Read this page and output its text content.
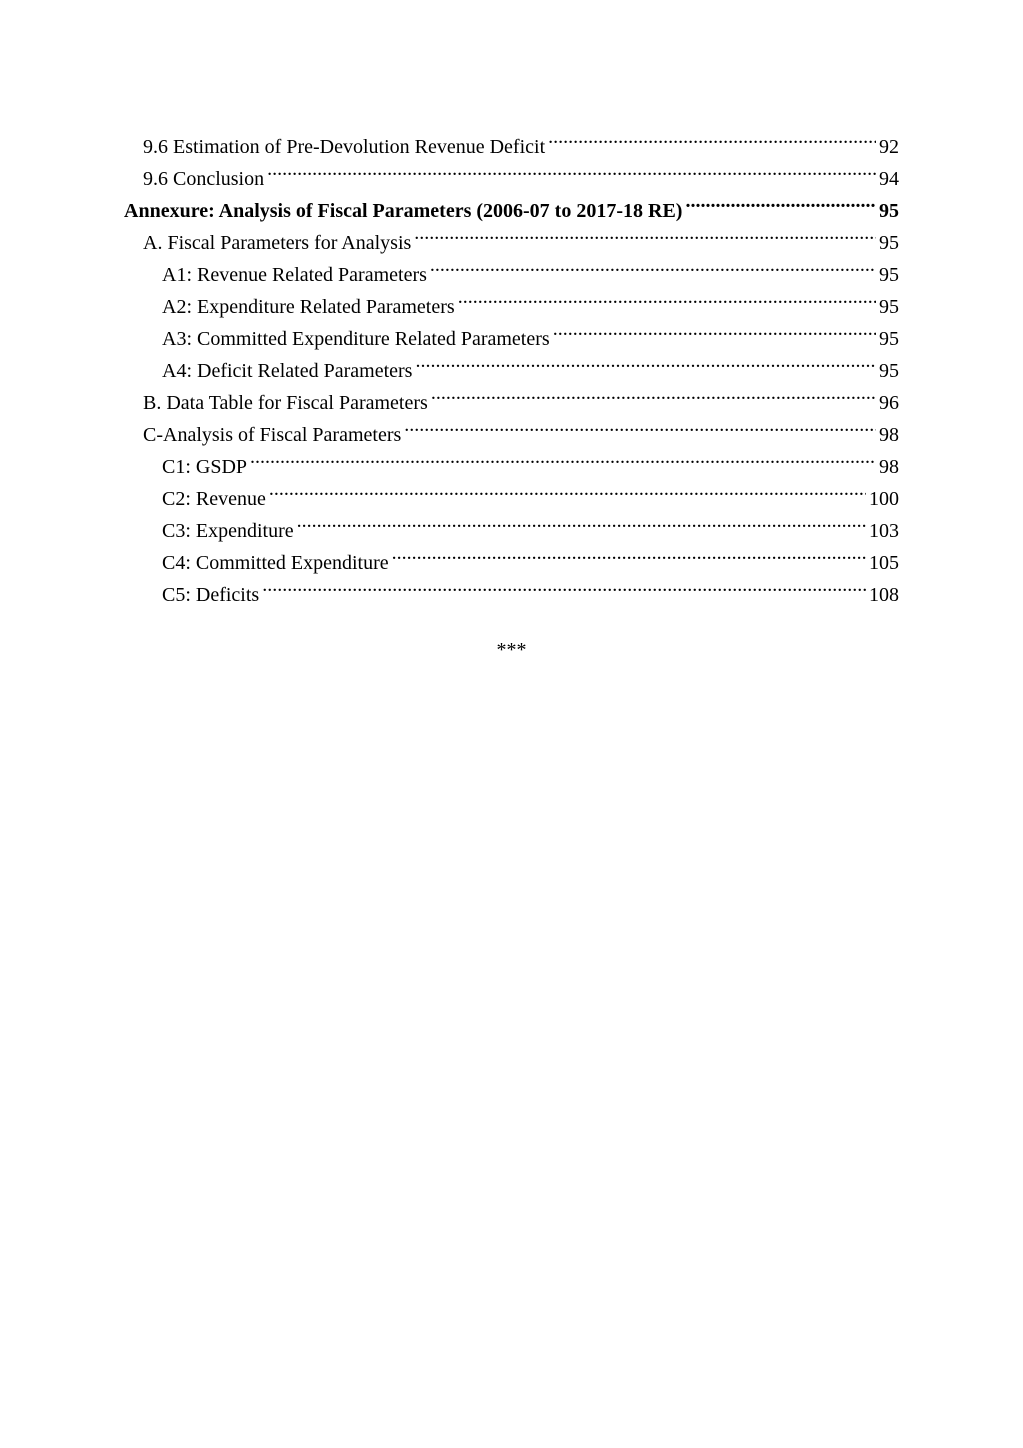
9.6 Estimation of Pre-Devolution Revenue Deficit .....	92
9.6 Conclusion .....	94
Annexure: Analysis of Fiscal Parameters (2006-07 to 2017-18 RE) .....	95
A. Fiscal Parameters for Analysis .....	95
A1: Revenue Related Parameters .....	95
A2: Expenditure Related Parameters .....	95
A3: Committed Expenditure Related Parameters .....	95
A4: Deficit Related Parameters .....	95
B. Data Table for Fiscal Parameters .....	96
C-Analysis of Fiscal Parameters .....	98
C1: GSDP .....	98
C2: Revenue .....	100
C3: Expenditure .....	103
C4: Committed Expenditure .....	105
C5: Deficits .....	108
***
